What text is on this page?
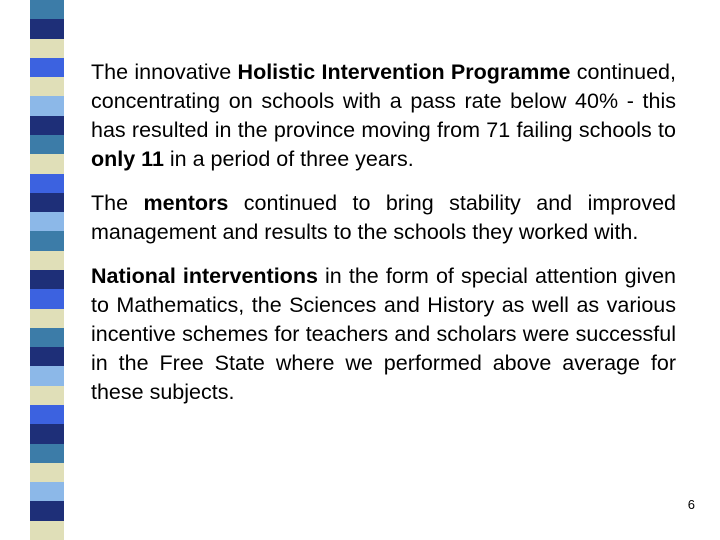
The innovative Holistic Intervention Programme continued, concentrating on schools with a pass rate below 40% - this has resulted in the province moving from 71 failing schools to only 11 in a period of three years.

The mentors continued to bring stability and improved management and results to the schools they worked with.

National interventions in the form of special attention given to Mathematics, the Sciences and History as well as various incentive schemes for teachers and scholars were successful in the Free State where we performed above average for these subjects.

6
